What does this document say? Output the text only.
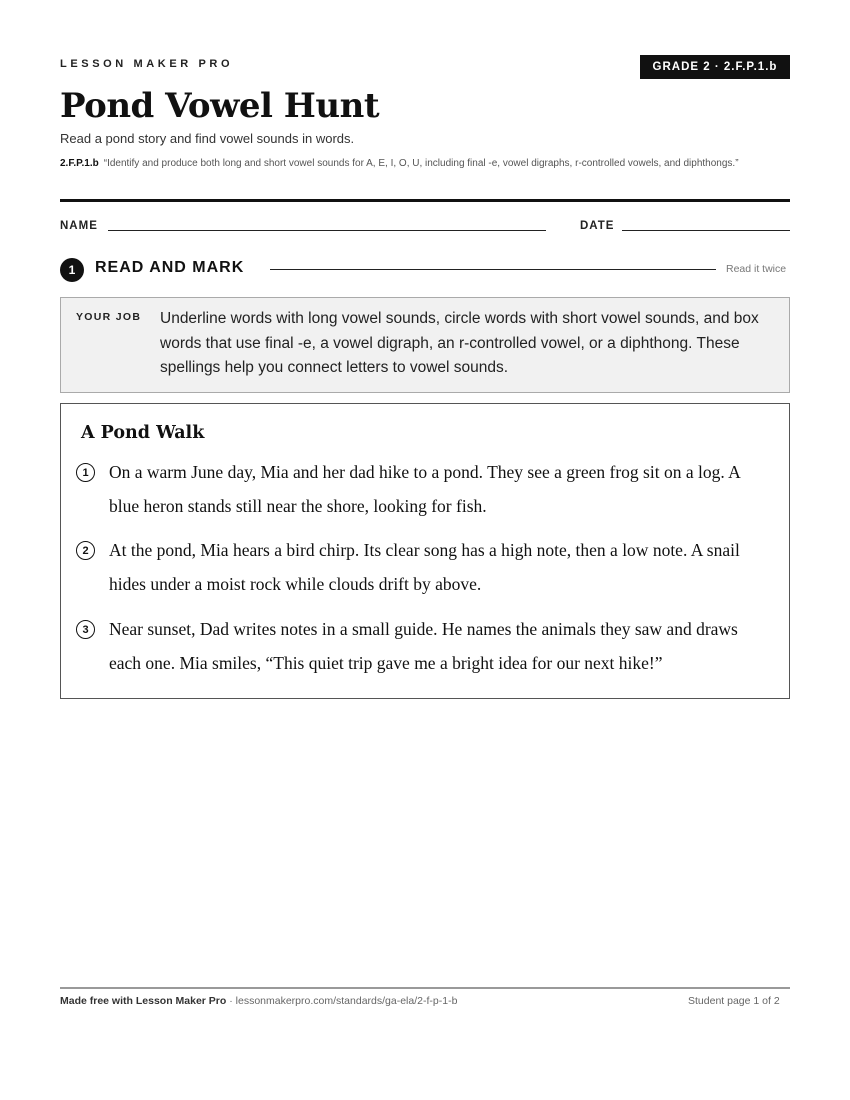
LESSON MAKER PRO	GRADE 2 · 2.F.P.1.b
Pond Vowel Hunt
Read a pond story and find vowel sounds in words.
2.F.P.1.b “Identify and produce both long and short vowel sounds for A, E, I, O, U, including final -e, vowel digraphs, r-controlled vowels, and diphthongs.”
NAME	DATE
1	READ AND MARK	Read it twice
YOUR JOB Underline words with long vowel sounds, circle words with short vowel sounds, and box words that use final -e, a vowel digraph, an r-controlled vowel, or a diphthong. These spellings help you connect letters to vowel sounds.
A Pond Walk
1	On a warm June day, Mia and her dad hike to a pond. They see a green frog sit on a log. A blue heron stands still near the shore, looking for fish.
2	At the pond, Mia hears a bird chirp. Its clear song has a high note, then a low note. A snail hides under a moist rock while clouds drift by above.
3	Near sunset, Dad writes notes in a small guide. He names the animals they saw and draws each one. Mia smiles, “This quiet trip gave me a bright idea for our next hike!”
Made free with Lesson Maker Pro · lessonmakerpro.com/standards/ga-ela/2-f-p-1-b	Student page 1 of 2
